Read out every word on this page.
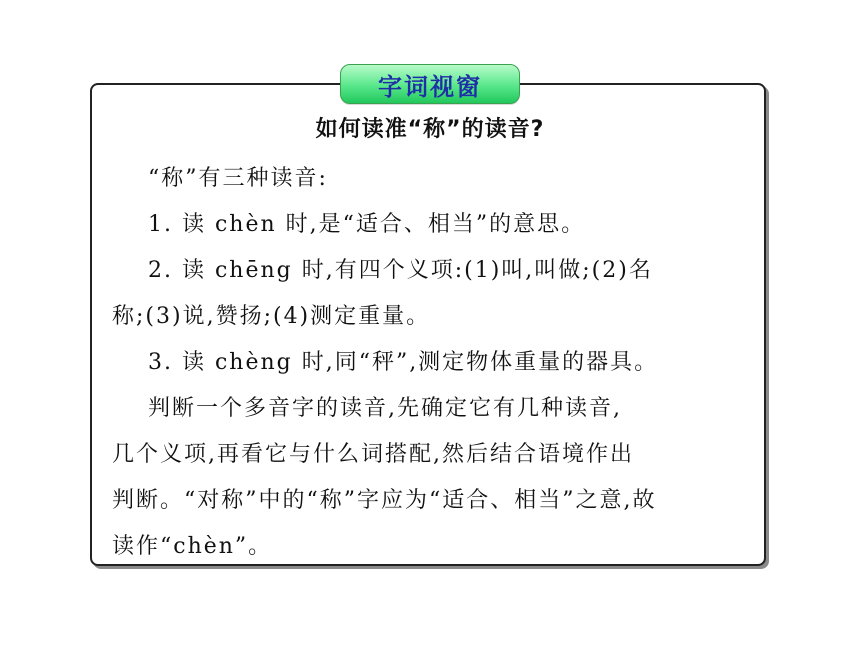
字词视窗
如何读准“称”的读音?
“称”有三种读音:
1. 读 chèn 时,是“适合、相当”的意思。
2. 读 chēng 时,有四个义项:(1)叫,叫做;(2)名
称;(3)说,赞扬;(4)测定重量。
3. 读 chèng 时,同“秤”,测定物体重量的器具。
判断一个多音字的读音,先确定它有几种读音,
几个义项,再看它与什么词搭配,然后结合语境作出
判断。“对称”中的“称”字应为“适合、相当”之意,故
读作“chèn”。
